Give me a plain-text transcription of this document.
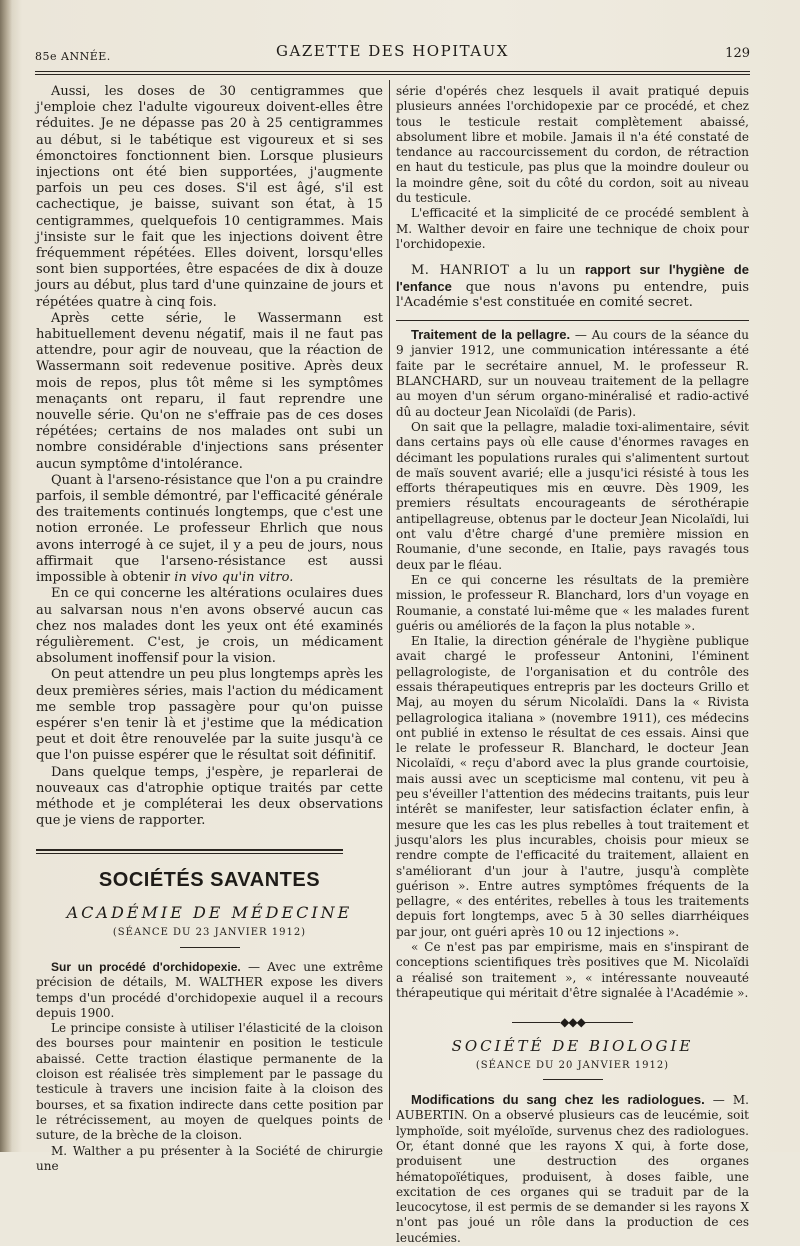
85e ANNÉE.	GAZETTE DES HOPITAUX	129

Aussi, les doses de 30 centigrammes que j'emploie chez l'adulte vigoureux doivent-elles être réduites. Je ne dépasse pas 20 à 25 centigrammes au début, si le tabétique est vigoureux et si ses émonctoires fonctionnent bien. Lorsque plusieurs injections ont été bien supportées, j'augmente parfois un peu ces doses. S'il est âgé, s'il est cachectique, je baisse, suivant son état, à 15 centigrammes, quelquefois 10 centigrammes. Mais j'insiste sur le fait que les injections doivent être fréquemment répétées. Elles doivent, lorsqu'elles sont bien supportées, être espacées de dix à douze jours au début, plus tard d'une quinzaine de jours et répétées quatre à cinq fois.

Après cette série, le Wassermann est habituellement devenu négatif, mais il ne faut pas attendre, pour agir de nouveau, que la réaction de Wassermann soit redevenue positive. Après deux mois de repos, plus tôt même si les symptômes menaçants ont reparu, il faut reprendre une nouvelle série. Qu'on ne s'effraie pas de ces doses répétées; certains de nos malades ont subi un nombre considérable d'injections sans présenter aucun symptôme d'intolérance.

Quant à l'arseno-résistance que l'on a pu craindre parfois, il semble démontré, par l'efficacité générale des traitements continués longtemps, que c'est une notion erronée. Le professeur Ehrlich que nous avons interrogé à ce sujet, il y a peu de jours, nous affirmait que l'arseno-résistance est aussi impossible à obtenir in vivo qu'in vitro.

En ce qui concerne les altérations oculaires dues au salvarsan nous n'en avons observé aucun cas chez nos malades dont les yeux ont été examinés régulièrement. C'est, je crois, un médicament absolument inoffensif pour la vision.

On peut attendre un peu plus longtemps après les deux premières séries, mais l'action du médicament me semble trop passagère pour qu'on puisse espérer s'en tenir là et j'estime que la médication peut et doit être renouvelée par la suite jusqu'à ce que l'on puisse espérer que le résultat soit définitif.

Dans quelque temps, j'espère, je reparlerai de nouveaux cas d'atrophie optique traités par cette méthode et je compléterai les deux observations que je viens de rapporter.

SOCIÉTÉS SAVANTES
ACADÉMIE DE MÉDECINE
(SÉANCE DU 23 JANVIER 1912)

Sur un procédé d'orchidopexie. — Avec une extrême précision de détails, M. WALTHER expose les divers temps d'un procédé d'orchidopexie auquel il a recours depuis 1900.

Le principe consiste à utiliser l'élasticité de la cloison des bourses pour maintenir en position le testicule abaissé. Cette traction élastique permanente de la cloison est réalisée très simplement par le passage du testicule à travers une incision faite à la cloison des bourses, et sa fixation indirecte dans cette position par le rétrécissement, au moyen de quelques points de suture, de la brèche de la cloison.

M. Walther a pu présenter à la Société de chirurgie une

série d'opérés chez lesquels il avait pratiqué depuis plusieurs années l'orchidopexie par ce procédé, et chez tous le testicule restait complètement abaissé, absolument libre et mobile. Jamais il n'a été constaté de tendance au raccourcissement du cordon, de rétraction en haut du testicule, pas plus que la moindre douleur ou la moindre gêne, soit du côté du cordon, soit au niveau du testicule.

L'efficacité et la simplicité de ce procédé semblent à M. Walther devoir en faire une technique de choix pour l'orchidopexie.

M. HANRIOT a lu un rapport sur l'hygiène de l'enfance que nous n'avons pu entendre, puis l'Académie s'est constituée en comité secret.

Traitement de la pellagre. — Au cours de la séance du 9 janvier 1912, une communication intéressante a été faite par le secrétaire annuel, M. le professeur R. BLANCHARD, sur un nouveau traitement de la pellagre au moyen d'un sérum organo-minéralisé et radio-activé dû au docteur Jean Nicolaïdi (de Paris).

On sait que la pellagre, maladie toxi-alimentaire, sévit dans certains pays où elle cause d'énormes ravages en décimant les populations rurales qui s'alimentent surtout de maïs souvent avarié; elle a jusqu'ici résisté à tous les efforts thérapeutiques mis en œuvre. Dès 1909, les premiers résultats encourageants de sérothérapie antipellagreuse, obtenus par le docteur Jean Nicolaïdi, lui ont valu d'être chargé d'une première mission en Roumanie, d'une seconde, en Italie, pays ravagés tous deux par le fléau.

En ce qui concerne les résultats de la première mission, le professeur R. Blanchard, lors d'un voyage en Roumanie, a constaté lui-même que « les malades furent guéris ou améliorés de la façon la plus notable ».

En Italie, la direction générale de l'hygiène publique avait chargé le professeur Antonini, l'éminent pellagrologiste, de l'organisation et du contrôle des essais thérapeutiques entrepris par les docteurs Grillo et Maj, au moyen du sérum Nicolaïdi. Dans la « Rivista pellagrologica italiana » (novembre 1911), ces médecins ont publié in extenso le résultat de ces essais. Ainsi que le relate le professeur R. Blanchard, le docteur Jean Nicolaïdi, « reçu d'abord avec la plus grande courtoisie, mais aussi avec un scepticisme mal contenu, vit peu à peu s'éveiller l'attention des médecins traitants, puis leur intérêt se manifester, leur satisfaction éclater enfin, à mesure que les cas les plus rebelles à tout traitement et jusqu'alors les plus incurables, choisis pour mieux se rendre compte de l'efficacité du traitement, allaient en s'améliorant d'un jour à l'autre, jusqu'à complète guérison ». Entre autres symptômes fréquents de la pellagre, « des entérites, rebelles à tous les traitements depuis fort longtemps, avec 5 à 30 selles diarrhéiques par jour, ont guéri après 10 ou 12 injections ».

« Ce n'est pas par empirisme, mais en s'inspirant de conceptions scientifiques très positives que M. Nicolaïdi a réalisé son traitement », « intéressante nouveauté thérapeutique qui méritait d'être signalée à l'Académie ».

◆◆◆
SOCIÉTÉ DE BIOLOGIE
(SÉANCE DU 20 JANVIER 1912)

Modifications du sang chez les radiologues. — M. AUBERTIN. On a observé plusieurs cas de leucémie, soit lymphoïde, soit myéloïde, survenus chez des radiologues. Or, étant donné que les rayons X qui, à forte dose, produisent une destruction des organes hématopoïétiques, produisent, à doses faible, une excitation de ces organes qui se traduit par de la leucocytose, il est permis de se demander si les rayons X n'ont pas joué un rôle dans la production de ces leucémies.
